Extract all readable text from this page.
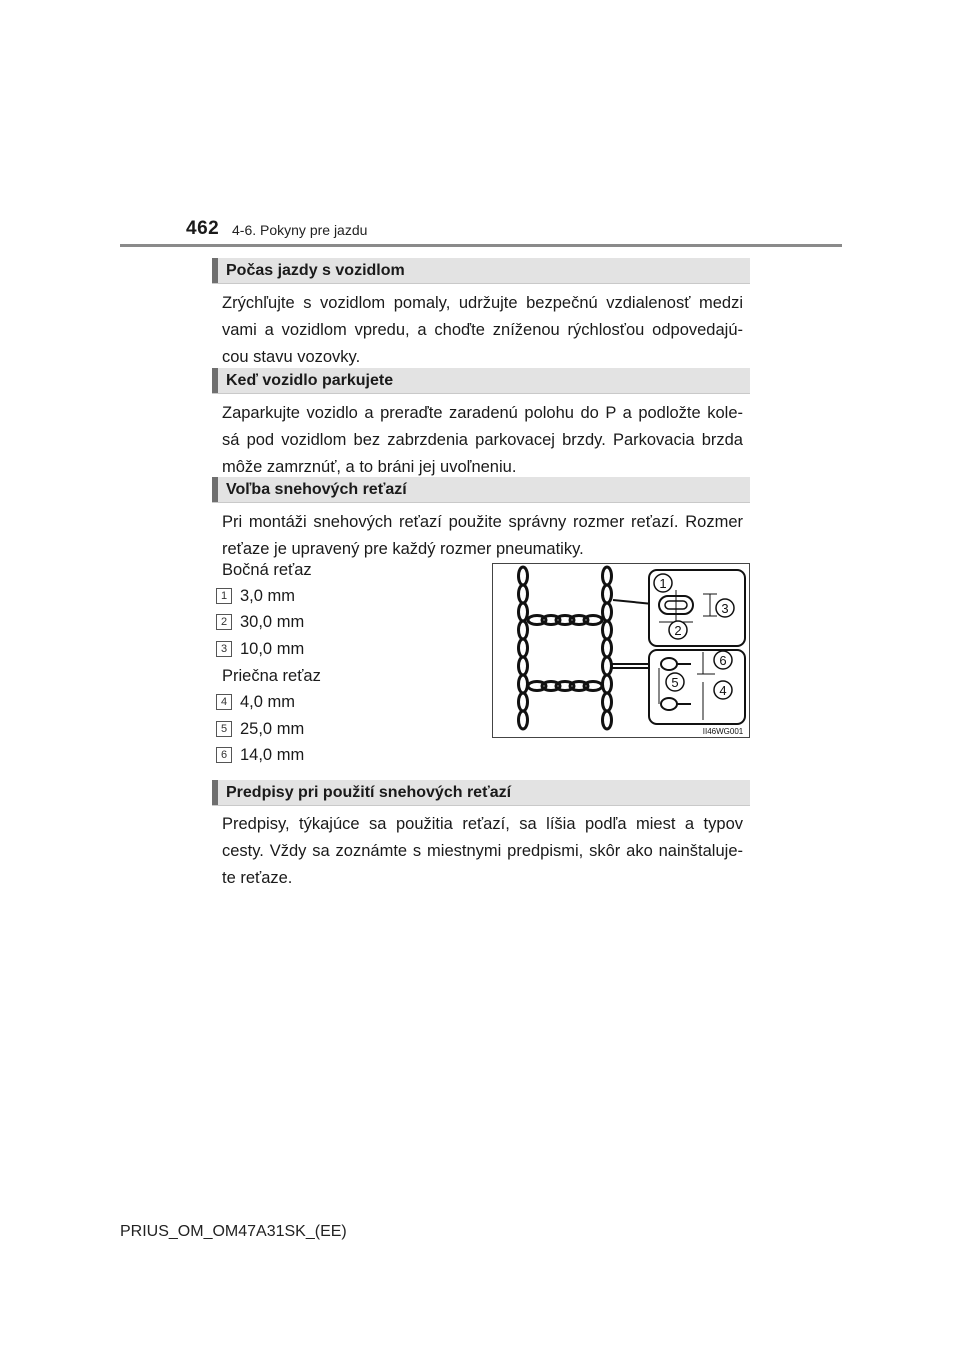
462 4-6. Pokyny pre jazdu
Počas jazdy s vozidlom
Zrýchľujte s vozidlom pomaly, udržujte bezpečnú vzdialenosť medzi
vami a vozidlom vpredu, a choďte zníženou rýchlosťou odpovedajú-
cou stavu vozovky.
Keď vozidlo parkujete
Zaparkujte vozidlo a preraďte zaradenú polohu do P a podložte kole-
sá pod vozidlom bez zabrzdenia parkovacej brzdy. Parkovacia brzda
môže zamrznúť, a to bráni jej uvoľneniu.
Voľba snehových reťazí
Pri montáži snehových reťazí použite správny rozmer reťazí. Rozmer
reťaze je upravený pre každý rozmer pneumatiky.
Bočná reťaz
1 3,0 mm
2 30,0 mm
3 10,0 mm
Priečna reťaz
4 4,0 mm
5 25,0 mm
6 14,0 mm
1
3
2
6
5
4
II46WG001
Predpisy pri použití snehových reťazí
Predpisy, týkajúce sa použitia reťazí, sa líšia podľa miest a typov
cesty. Vždy sa zoznámte s miestnymi predpismi, skôr ako nainštaluje-
te reťaze.
PRIUS_OM_OM47A31SK_(EE)
